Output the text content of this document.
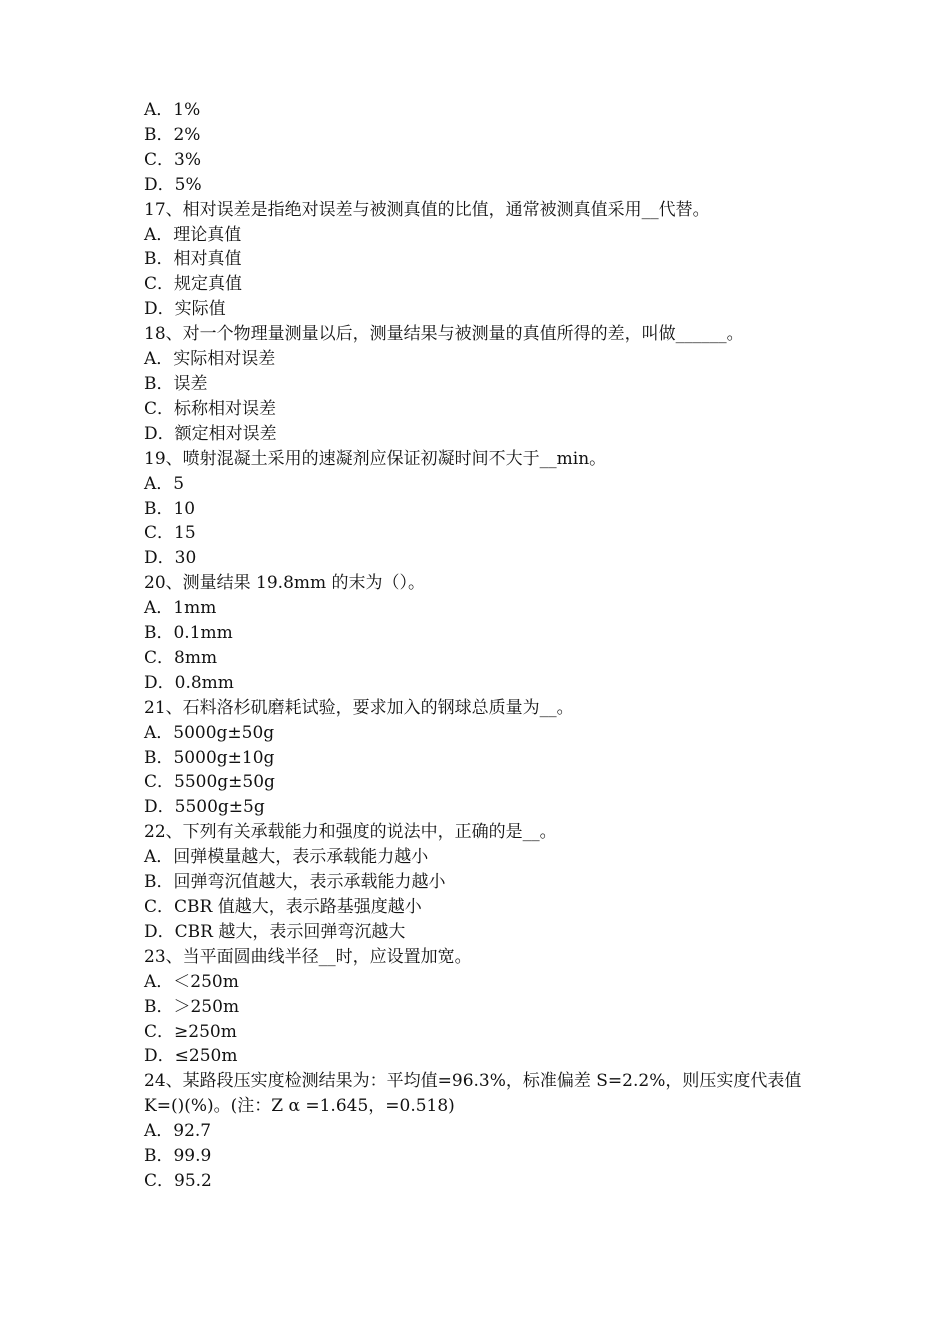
A．1%
B．2%
C．3%
D．5%
17、相对误差是指绝对误差与被测真值的比值，通常被测真值采用__代替。
A．理论真值
B．相对真值
C．规定真值
D．实际值
18、对一个物理量测量以后，测量结果与被测量的真值所得的差，叫做______。
A．实际相对误差
B．误差
C．标称相对误差
D．额定相对误差
19、喷射混凝土采用的速凝剂应保证初凝时间不大于__min。
A．5
B．10
C．15
D．30
20、测量结果 19.8mm 的末为（）。
A．1mm
B．0.1mm
C．8mm
D．0.8mm
21、石料洛杉矶磨耗试验，要求加入的钢球总质量为__。
A．5000g±50g
B．5000g±10g
C．5500g±50g
D．5500g±5g
22、下列有关承载能力和强度的说法中，正确的是__。
A．回弹模量越大，表示承载能力越小
B．回弹弯沉值越大，表示承载能力越小
C．CBR 值越大，表示路基强度越小
D．CBR 越大，表示回弹弯沉越大
23、当平面圆曲线半径__时，应设置加宽。
A．＜250m
B．＞250m
C．≥250m
D．≤250m
24、某路段压实度检测结果为：平均值=96.3%，标准偏差 S=2.2%，则压实度代表值 K=()(%)。(注：Z α =1.645，=0.518)
A．92.7
B．99.9
C．95.2
